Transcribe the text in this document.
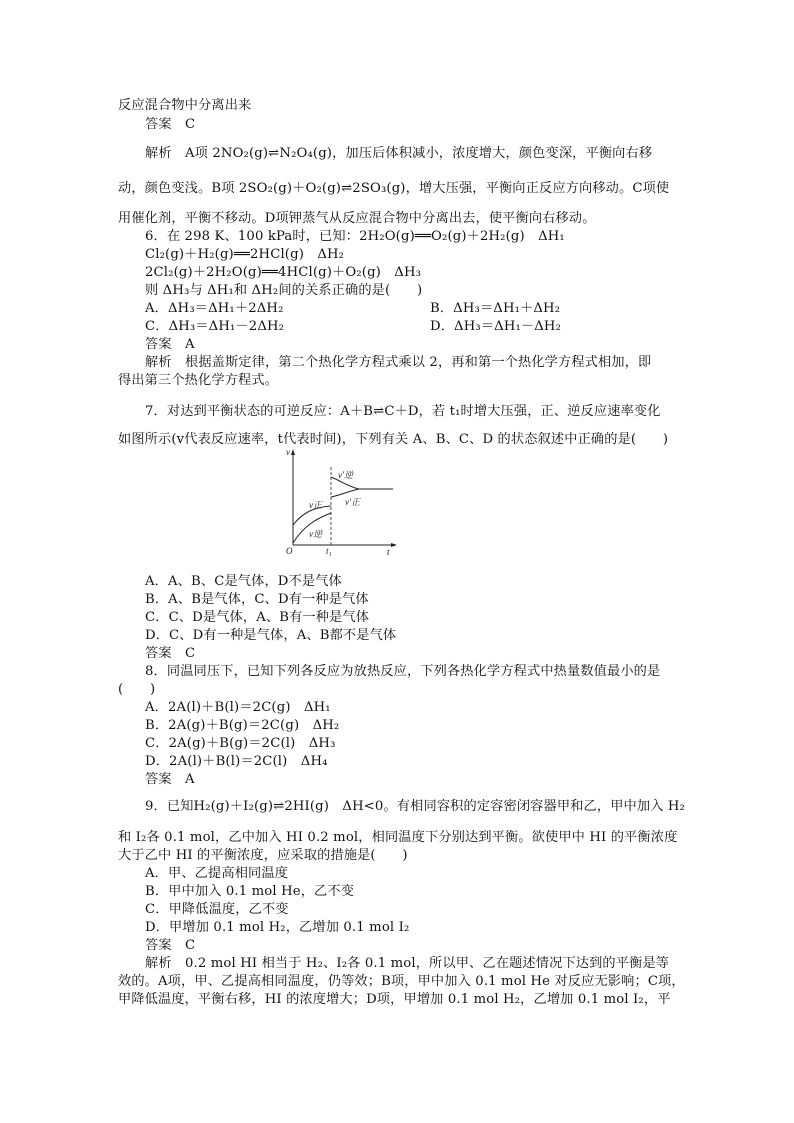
反应混合物中分离出来
答案　C
解析　A项 2NO₂(g)⇌N₂O₄(g)，加压后体积减小，浓度增大，颜色变深，平衡向右移
动，颜色变浅。B项 2SO₂(g)＋O₂(g)⇌2SO₃(g)，增大压强，平衡向正反应方向移动。C项使
用催化剂，平衡不移动。D项钾蒸气从反应混合物中分离出去，使平衡向右移动。
6．在 298 K、100 kPa时，已知：2H₂O(g)══O₂(g)＋2H₂(g)　ΔH₁
Cl₂(g)＋H₂(g)══2HCl(g)　ΔH₂
2Cl₂(g)＋2H₂O(g)══4HCl(g)＋O₂(g)　ΔH₃
则 ΔH₃与 ΔH₁和 ΔH₂间的关系正确的是(　　)
A．ΔH₃＝ΔH₁＋2ΔH₂	B．ΔH₃＝ΔH₁＋ΔH₂
C．ΔH₃＝ΔH₁－2ΔH₂	D．ΔH₃＝ΔH₁－ΔH₂
答案　A
解析　根据盖斯定律，第二个热化学方程式乘以 2，再和第一个热化学方程式相加，即
得出第三个热化学方程式。
7．对达到平衡状态的可逆反应：A＋B⇌C＋D，若 t₁时增大压强，正、逆反应速率变化
如图所示(v代表反应速率，t代表时间)，下列有关 A、B、C、D 的状态叙述中正确的是(　　)
v
t
O	t₁
v正
v逆
v′逆
v′正
A．A、B、C是气体，D不是气体
B．A、B是气体，C、D有一种是气体
C．C、D是气体，A、B有一种是气体
D．C、D有一种是气体，A、B都不是气体
答案　C
8．同温同压下，已知下列各反应为放热反应，下列各热化学方程式中热量数值最小的是
(　　)
A．2A(l)＋B(l)＝2C(g)　ΔH₁
B．2A(g)＋B(g)＝2C(g)　ΔH₂
C．2A(g)＋B(g)＝2C(l)　ΔH₃
D．2A(l)＋B(l)＝2C(l)　ΔH₄
答案　A
9．已知H₂(g)＋I₂(g)⇌2HI(g)　ΔH<0。有相同容积的定容密闭容器甲和乙，甲中加入 H₂
和 I₂各 0.1 mol，乙中加入 HI 0.2 mol，相同温度下分别达到平衡。欲使甲中 HI 的平衡浓度
大于乙中 HI 的平衡浓度，应采取的措施是(　　)
A．甲、乙提高相同温度
B．甲中加入 0.1 mol He，乙不变
C．甲降低温度，乙不变
D．甲增加 0.1 mol H₂，乙增加 0.1 mol I₂
答案　C
解析　0.2 mol HI 相当于 H₂、I₂各 0.1 mol，所以甲、乙在题述情况下达到的平衡是等
效的。A项，甲、乙提高相同温度，仍等效；B项，甲中加入 0.1 mol He 对反应无影响；C项，
甲降低温度，平衡右移，HI 的浓度增大；D项，甲增加 0.1 mol H₂，乙增加 0.1 mol I₂，平
